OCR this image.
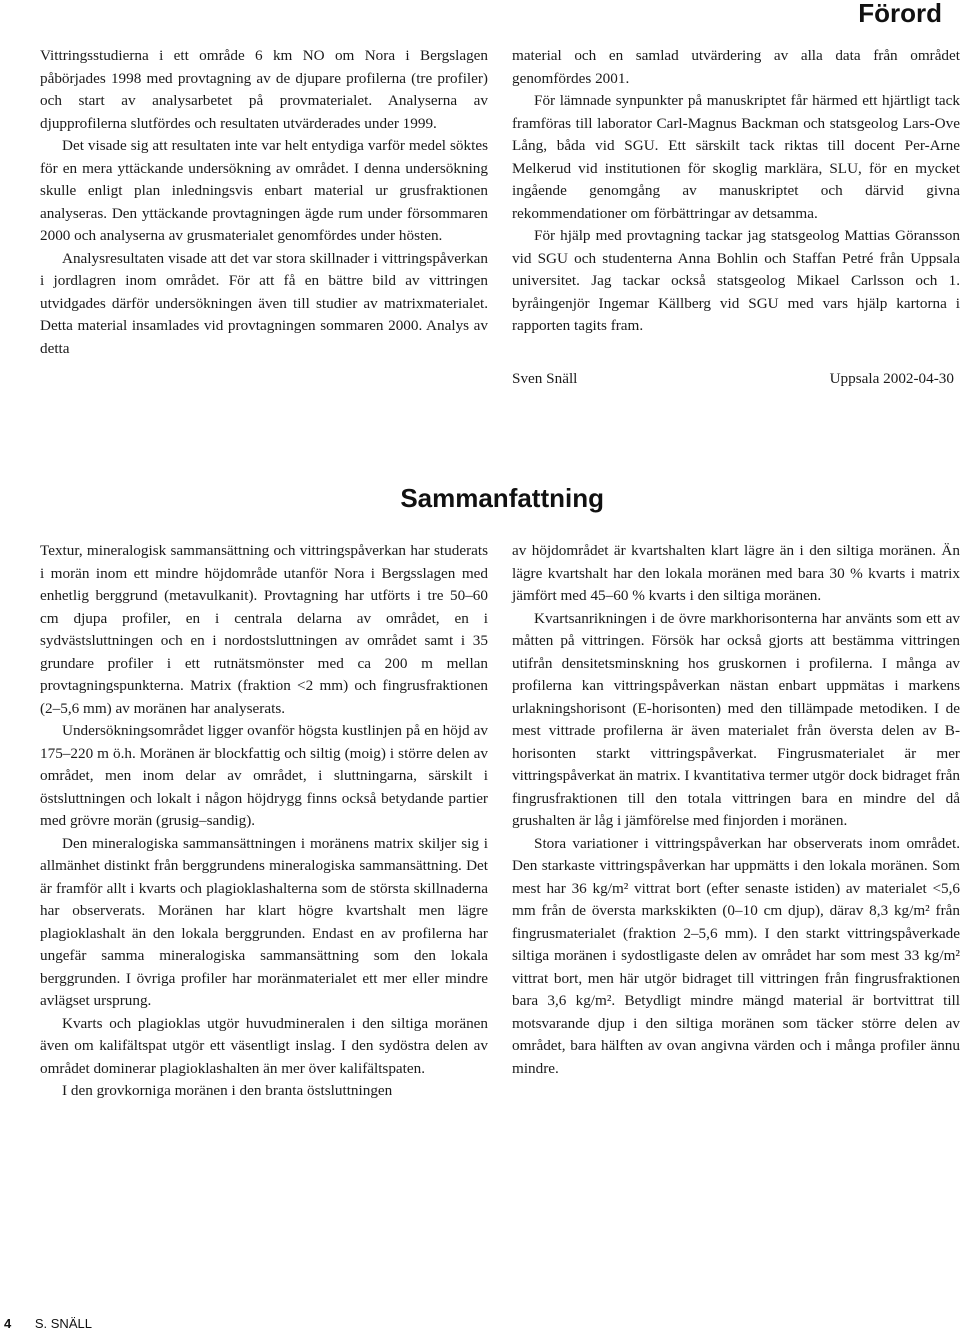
Förord

Vittringsstudierna i ett område 6 km NO om Nora i Bergslagen påbörjades 1998 med provtagning av de djupare profilerna (tre profiler) och start av analysarbetet på provmaterialet. Analyserna av djupprofilerna slutfördes och resultaten utvärderades under 1999.

Det visade sig att resultaten inte var helt entydiga varför medel söktes för en mera yttäckande undersökning av området. I denna undersökning skulle enligt plan inledningsvis enbart material ur grusfraktionen analyseras. Den yttäckande provtagningen ägde rum under försommaren 2000 och analyserna av grusmaterialet genomfördes under hösten.

Analysresultaten visade att det var stora skillnader i vittringspåverkan i jordlagren inom området. För att få en bättre bild av vittringen utvidgades därför undersökningen även till studier av matrixmaterialet. Detta material insamlades vid provtagningen sommaren 2000. Analys av detta

material och en samlad utvärdering av alla data från området genomfördes 2001.

För lämnade synpunkter på manuskriptet får härmed ett hjärtligt tack framföras till laborator Carl-Magnus Backman och statsgeolog Lars-Ove Lång, båda vid SGU. Ett särskilt tack riktas till docent Per-Arne Melkerud vid institutionen för skoglig marklära, SLU, för en mycket ingående genomgång av manuskriptet och därvid givna rekommendationer om förbättringar av detsamma.

För hjälp med provtagning tackar jag statsgeolog Mattias Göransson vid SGU och studenterna Anna Bohlin och Staffan Petré från Uppsala universitet. Jag tackar också statsgeolog Mikael Carlsson och 1. byråingenjör Ingemar Källberg vid SGU med vars hjälp kartorna i rapporten tagits fram.

Sven Snäll	Uppsala 2002-04-30
Sammanfattning

Textur, mineralogisk sammansättning och vittringspåverkan har studerats i morän inom ett mindre höjdområde utanför Nora i Bergsslagen med enhetlig berggrund (metavulkanit). Provtagning har utförts i tre 50–60 cm djupa profiler, en i centrala delarna av området, en i sydvästsluttningen och en i nordostsluttningen av området samt i 35 grundare profiler i ett rutnätsmönster med ca 200 m mellan provtagningspunkterna. Matrix (fraktion <2 mm) och fingrusfraktionen (2–5,6 mm) av moränen har analyserats.

Undersökningsområdet ligger ovanför högsta kustlinjen på en höjd av 175–220 m ö.h. Moränen är blockfattig och siltig (moig) i större delen av området, men inom delar av området, i sluttningarna, särskilt i östsluttningen och lokalt i någon höjdrygg finns också betydande partier med grövre morän (grusig–sandig).

Den mineralogiska sammansättningen i moränens matrix skiljer sig i allmänhet distinkt från berggrundens mineralogiska sammansättning. Det är framför allt i kvarts och plagioklashalterna som de största skillnaderna har observerats. Moränen har klart högre kvartshalt men lägre plagioklashalt än den lokala berggrunden. Endast en av profilerna har ungefär samma mineralogiska sammansättning som den lokala berggrunden. I övriga profiler har moränmaterialet ett mer eller mindre avlägset ursprung.

Kvarts och plagioklas utgör huvudmineralen i den siltiga moränen även om kalifältspat utgör ett väsentligt inslag. I den sydöstra delen av området dominerar plagioklashalten än mer över kalifältspaten.

I den grovkorniga moränen i den branta östsluttningen

av höjdområdet är kvartshalten klart lägre än i den siltiga moränen. Än lägre kvartshalt har den lokala moränen med bara 30 % kvarts i matrix jämfört med 45–60 % kvarts i den siltiga moränen.

Kvartsanrikningen i de övre markhorisonterna har använts som ett av måtten på vittringen. Försök har också gjorts att bestämma vittringen utifrån densitetsminskning hos gruskornen i profilerna. I många av profilerna kan vittringspåverkan nästan enbart uppmätas i markens urlakningshorisont (E-horisonten) med den tillämpade metodiken. I de mest vittrade profilerna är även materialet från översta delen av B-horisonten starkt vittringspåverkat. Fingrusmaterialet är mer vittringspåverkat än matrix. I kvantitativa termer utgör dock bidraget från fingrusfraktionen till den totala vittringen bara en mindre del då grushalten är låg i jämförelse med finjorden i moränen.

Stora variationer i vittringspåverkan har observerats inom området. Den starkaste vittringspåverkan har uppmätts i den lokala moränen. Som mest har 36 kg/m² vittrat bort (efter senaste istiden) av materialet <5,6 mm från de översta markskikten (0–10 cm djup), därav 8,3 kg/m² från fingrusmaterialet (fraktion 2–5,6 mm). I den starkt vittringspåverkade siltiga moränen i sydostligaste delen av området har som mest 33 kg/m² vittrat bort, men här utgör bidraget till vittringen från fingrusfraktionen bara 3,6 kg/m². Betydligt mindre mängd material är bortvittrat till motsvarande djup i den siltiga moränen som täcker större delen av området, bara hälften av ovan angivna värden och i många profiler ännu mindre.

4 S. SNÄLL
